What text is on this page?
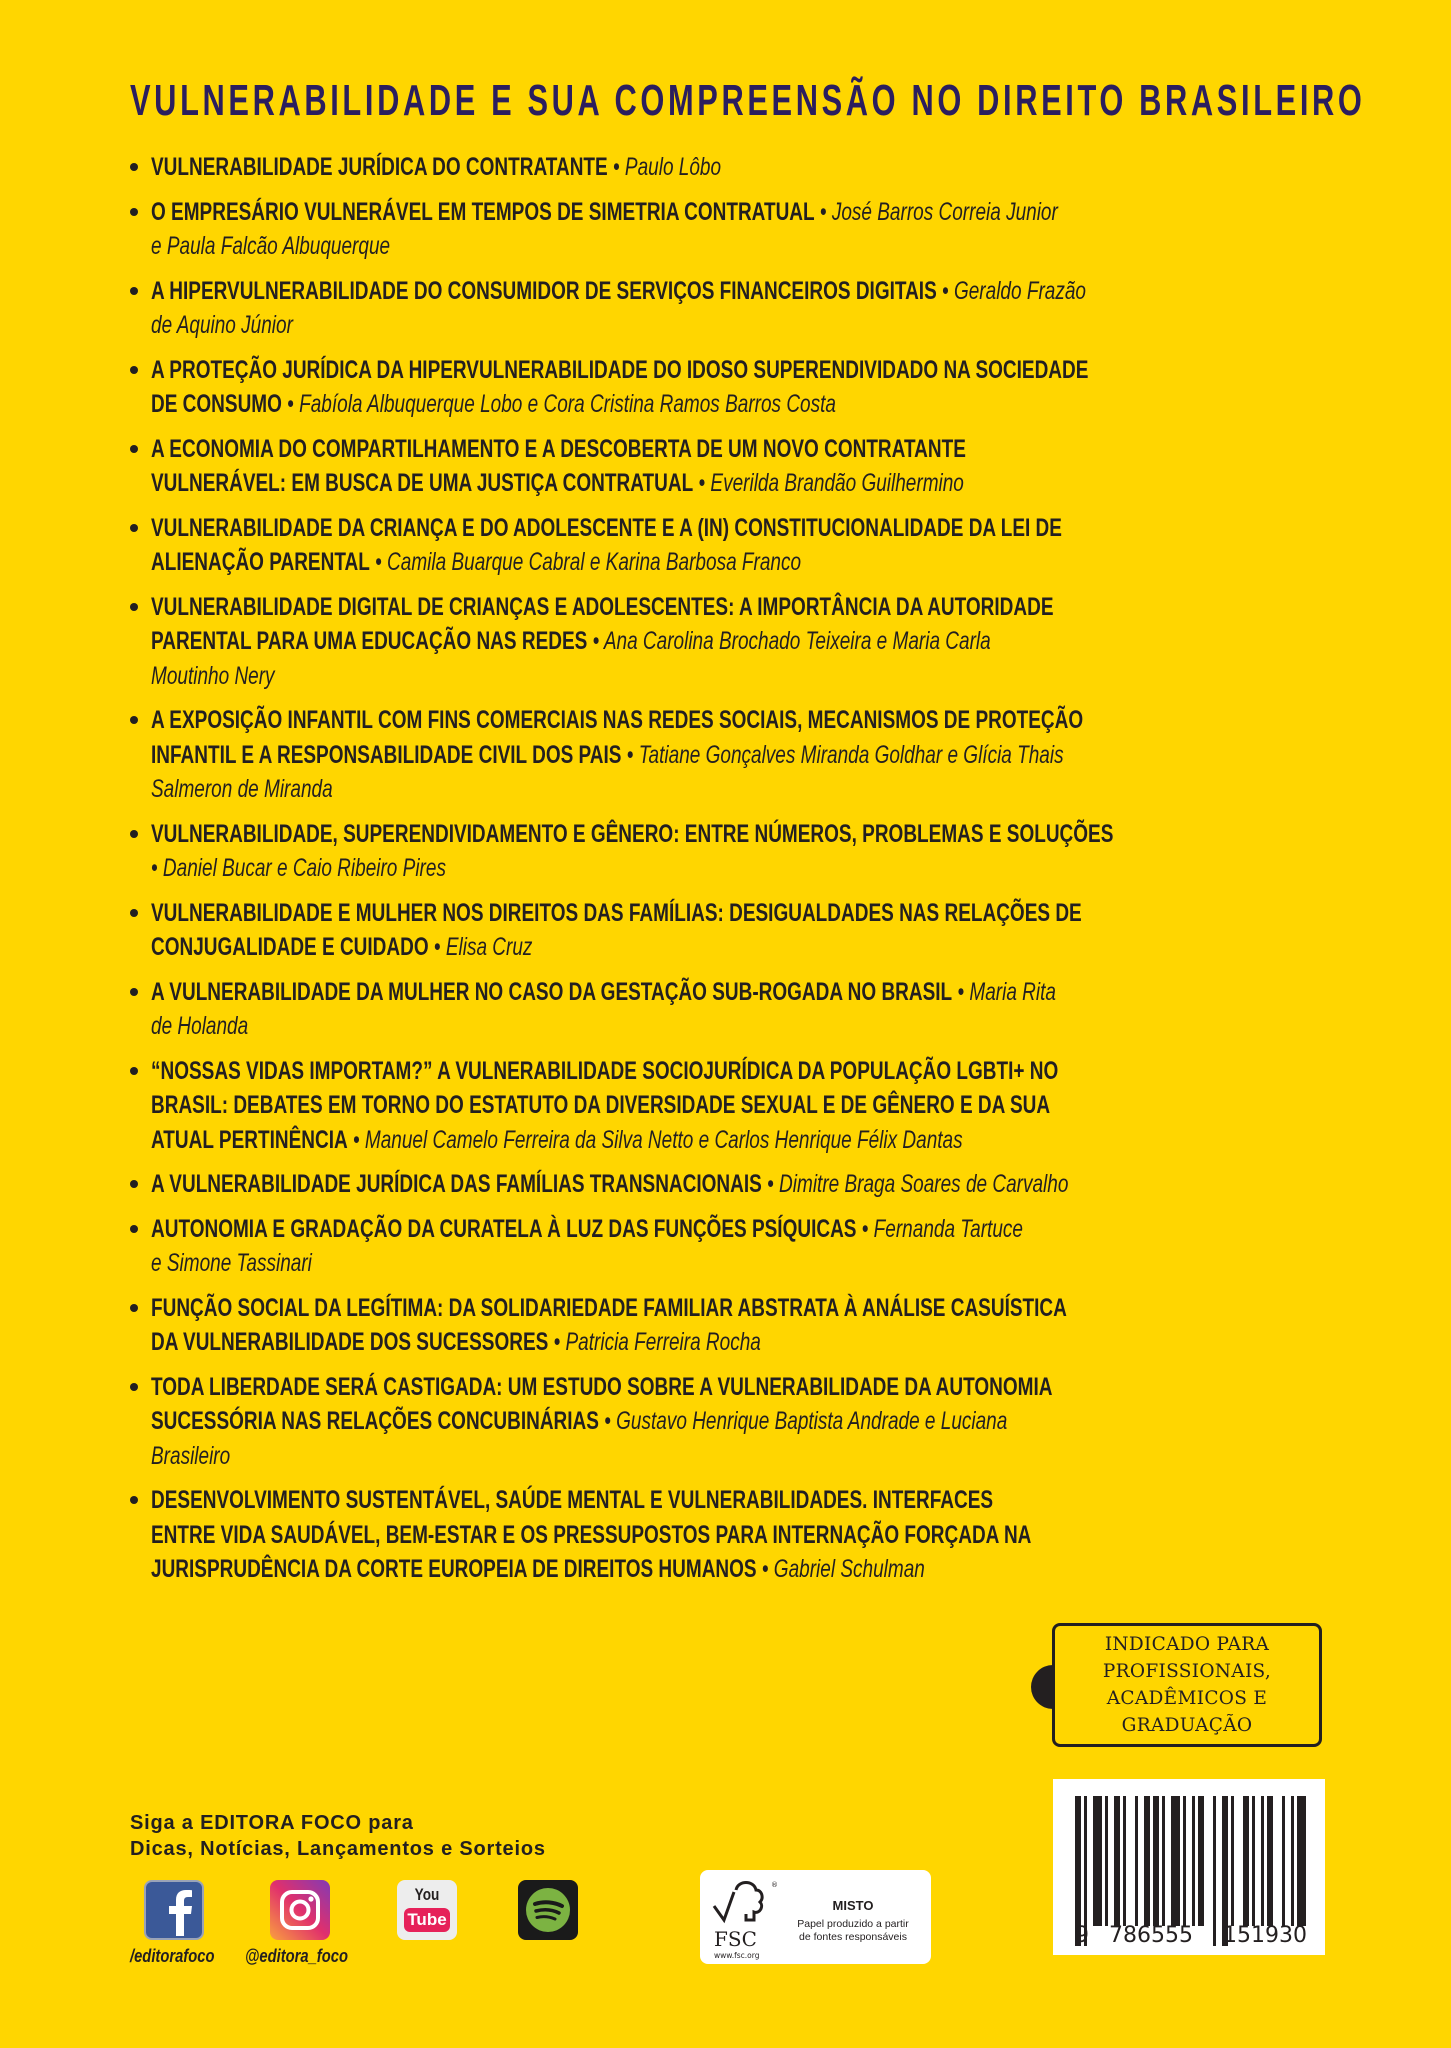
VULNERABILIDADE E SUA COMPREENSÃO NO DIREITO BRASILEIRO
VULNERABILIDADE JURÍDICA DO CONTRATANTE • Paulo Lôbo
O EMPRESÁRIO VULNERÁVEL EM TEMPOS DE SIMETRIA CONTRATUAL • José Barros Correia Junior
e Paula Falcão Albuquerque
A HIPERVULNERABILIDADE DO CONSUMIDOR DE SERVIÇOS FINANCEIROS DIGITAIS • Geraldo Frazão
de Aquino Júnior
A PROTEÇÃO JURÍDICA DA HIPERVULNERABILIDADE DO IDOSO SUPERENDIVIDADO NA SOCIEDADE
DE CONSUMO • Fabíola Albuquerque Lobo e Cora Cristina Ramos Barros Costa
A ECONOMIA DO COMPARTILHAMENTO E A DESCOBERTA DE UM NOVO CONTRATANTE
VULNERÁVEL: EM BUSCA DE UMA JUSTIÇA CONTRATUAL • Everilda Brandão Guilhermino
VULNERABILIDADE DA CRIANÇA E DO ADOLESCENTE E A (IN) CONSTITUCIONALIDADE DA LEI DE
ALIENAÇÃO PARENTAL • Camila Buarque Cabral e Karina Barbosa Franco
VULNERABILIDADE DIGITAL DE CRIANÇAS E ADOLESCENTES: A IMPORTÂNCIA DA AUTORIDADE
PARENTAL PARA UMA EDUCAÇÃO NAS REDES • Ana Carolina Brochado Teixeira e Maria Carla
Moutinho Nery
A EXPOSIÇÃO INFANTIL COM FINS COMERCIAIS NAS REDES SOCIAIS, MECANISMOS DE PROTEÇÃO
INFANTIL E A RESPONSABILIDADE CIVIL DOS PAIS • Tatiane Gonçalves Miranda Goldhar e Glícia Thais
Salmeron de Miranda
VULNERABILIDADE, SUPERENDIVIDAMENTO E GÊNERO: ENTRE NÚMEROS, PROBLEMAS E SOLUÇÕES
• Daniel Bucar e Caio Ribeiro Pires
VULNERABILIDADE E MULHER NOS DIREITOS DAS FAMÍLIAS: DESIGUALDADES NAS RELAÇÕES DE
CONJUGALIDADE E CUIDADO • Elisa Cruz
A VULNERABILIDADE DA MULHER NO CASO DA GESTAÇÃO SUB-ROGADA NO BRASIL • Maria Rita
de Holanda
“NOSSAS VIDAS IMPORTAM?” A VULNERABILIDADE SOCIOJURÍDICA DA POPULAÇÃO LGBTI+ NO
BRASIL: DEBATES EM TORNO DO ESTATUTO DA DIVERSIDADE SEXUAL E DE GÊNERO E DA SUA
ATUAL PERTINÊNCIA • Manuel Camelo Ferreira da Silva Netto e Carlos Henrique Félix Dantas
A VULNERABILIDADE JURÍDICA DAS FAMÍLIAS TRANSNACIONAIS • Dimitre Braga Soares de Carvalho
AUTONOMIA E GRADAÇÃO DA CURATELA À LUZ DAS FUNÇÕES PSÍQUICAS • Fernanda Tartuce
e Simone Tassinari
FUNÇÃO SOCIAL DA LEGÍTIMA: DA SOLIDARIEDADE FAMILIAR ABSTRATA À ANÁLISE CASUÍSTICA
DA VULNERABILIDADE DOS SUCESSORES • Patricia Ferreira Rocha
TODA LIBERDADE SERÁ CASTIGADA: UM ESTUDO SOBRE A VULNERABILIDADE DA AUTONOMIA
SUCESSÓRIA NAS RELAÇÕES CONCUBINÁRIAS • Gustavo Henrique Baptista Andrade e Luciana
Brasileiro
DESENVOLVIMENTO SUSTENTÁVEL, SAÚDE MENTAL E VULNERABILIDADES. INTERFACES
ENTRE VIDA SAUDÁVEL, BEM-ESTAR E OS PRESSUPOSTOS PARA INTERNAÇÃO FORÇADA NA
JURISPRUDÊNCIA DA CORTE EUROPEIA DE DIREITOS HUMANOS • Gabriel Schulman
INDICADO PARA
PROFISSIONAIS,
ACADÊMICOS E
GRADUAÇÃO
9 786555 151930
Siga a EDITORA FOCO para
Dicas, Notícias, Lançamentos e Sorteios
/editorafoco @editora_foco
You
Tube
®
FSC
www.fsc.org
MISTO
Papel produzido a partir
de fontes responsáveis
